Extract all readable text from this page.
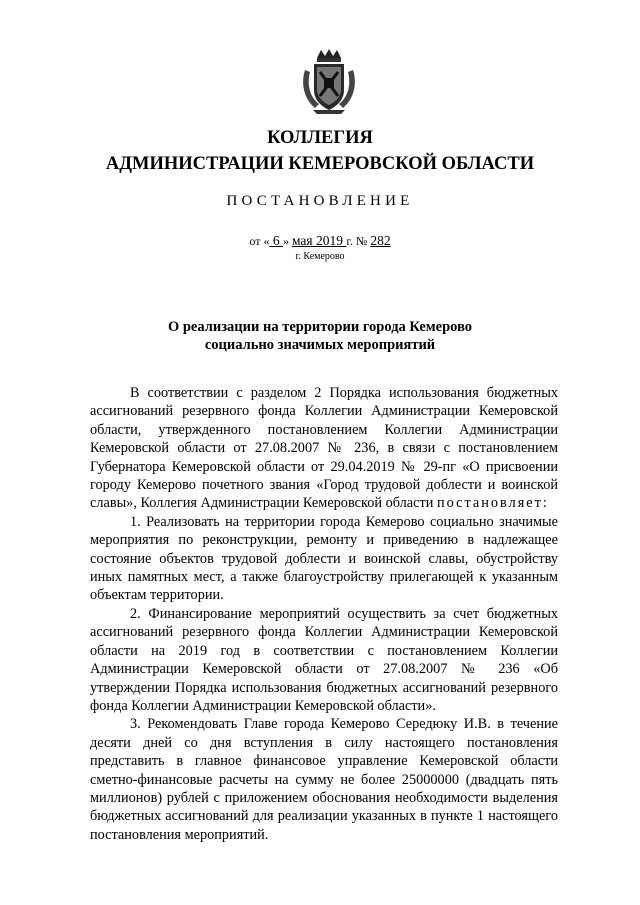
КОЛЛЕГИЯ
АДМИНИСТРАЦИИ КЕМЕРОВСКОЙ ОБЛАСТИ
ПОСТАНОВЛЕНИЕ
от « 6 » мая 2019 г. № 282
г. Кемерово
О реализации на территории города Кемерово
социально значимых мероприятий

В соответствии с разделом 2 Порядка использования бюджетных ассигнований резервного фонда Коллегии Администрации Кемеровской области, утвержденного постановлением Коллегии Администрации Кемеровской области от 27.08.2007 № 236, в связи с постановлением Губернатора Кемеровской области от 29.04.2019 № 29-пг «О присвоении городу Кемерово почетного звания «Город трудовой доблести и воинской славы», Коллегия Администрации Кемеровской области постановляет:

1. Реализовать на территории города Кемерово социально значимые мероприятия по реконструкции, ремонту и приведению в надлежащее состояние объектов трудовой доблести и воинской славы, обустройству иных памятных мест, а также благоустройству прилегающей к указанным объектам территории.

2. Финансирование мероприятий осуществить за счет бюджетных ассигнований резервного фонда Коллегии Администрации Кемеровской области на 2019 год в соответствии с постановлением Коллегии Администрации Кемеровской области от 27.08.2007 № 236 «Об утверждении Порядка использования бюджетных ассигнований резервного фонда Коллегии Администрации Кемеровской области».

3. Рекомендовать Главе города Кемерово Середюку И.В. в течение десяти дней со дня вступления в силу настоящего постановления представить в главное финансовое управление Кемеровской области сметно-финансовые расчеты на сумму не более 25000000 (двадцать пять миллионов) рублей с приложением обоснования необходимости выделения бюджетных ассигнований для реализации указанных в пункте 1 настоящего постановления мероприятий.
